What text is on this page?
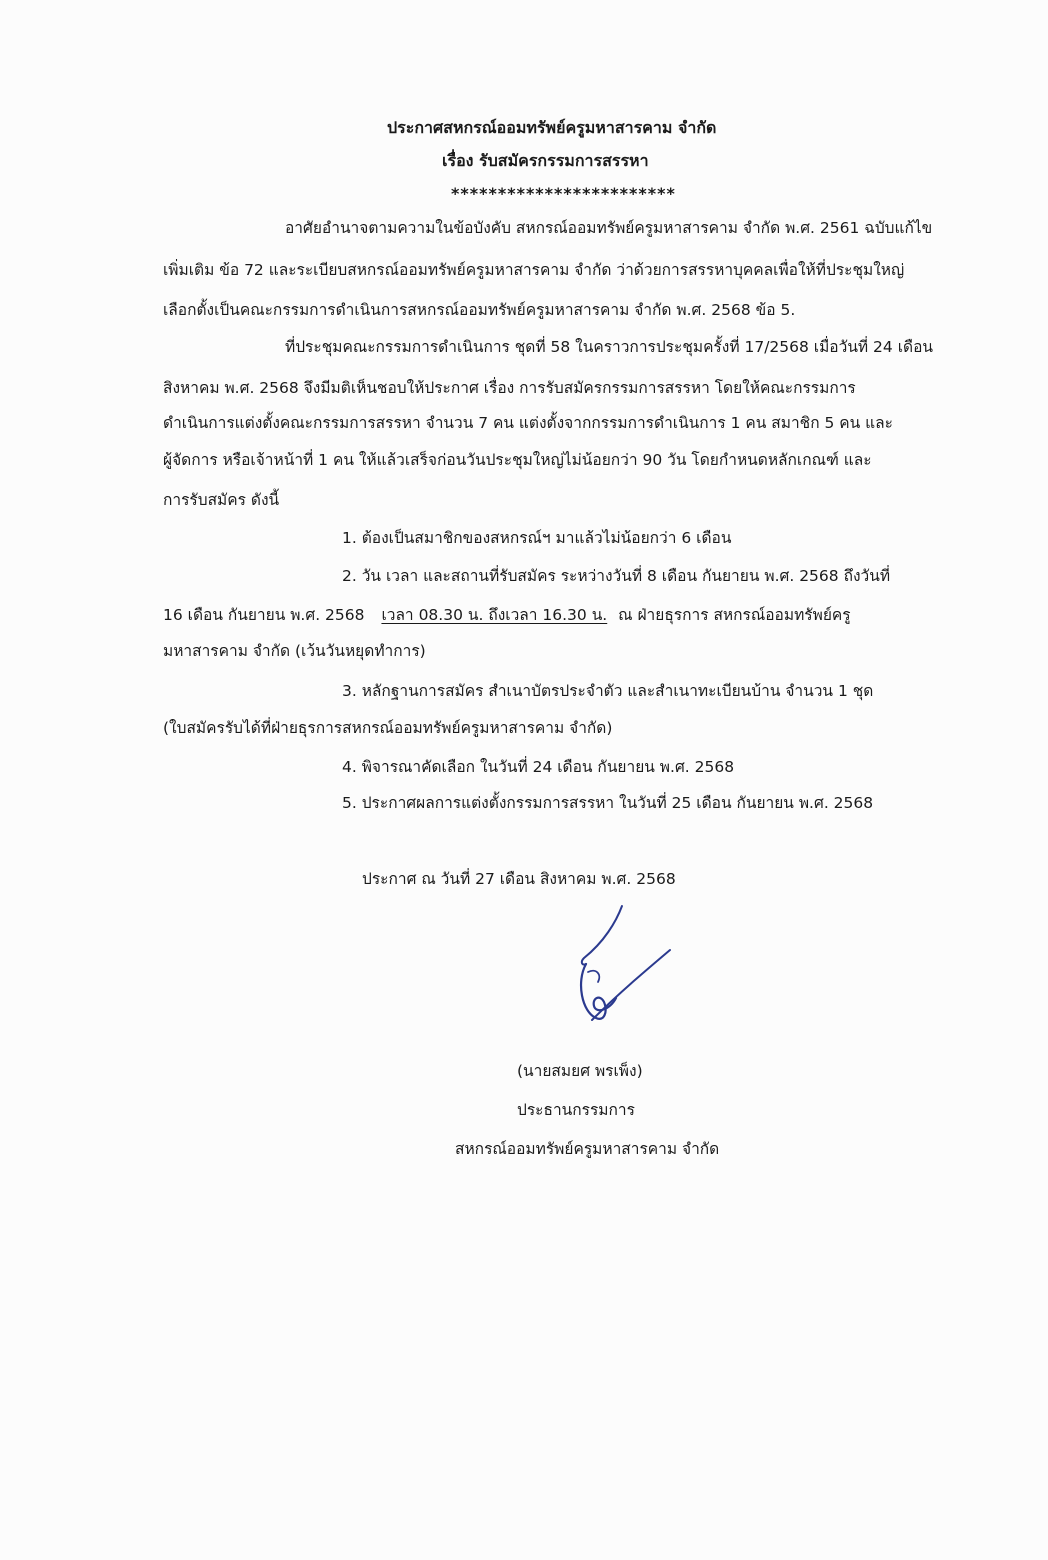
ประกาศสหกรณ์ออมทรัพย์ครูมหาสารคาม จำกัด
เรื่อง รับสมัครกรรมการสรรหา
************************
อาศัยอำนาจตามความในข้อบังคับ สหกรณ์ออมทรัพย์ครูมหาสารคาม จำกัด พ.ศ. 2561 ฉบับแก้ไข
เพิ่มเติม ข้อ 72 และระเบียบสหกรณ์ออมทรัพย์ครูมหาสารคาม จำกัด ว่าด้วยการสรรหาบุคคลเพื่อให้ที่ประชุมใหญ่
เลือกตั้งเป็นคณะกรรมการดำเนินการสหกรณ์ออมทรัพย์ครูมหาสารคาม จำกัด พ.ศ. 2568 ข้อ 5.
ที่ประชุมคณะกรรมการดำเนินการ ชุดที่ 58 ในคราวการประชุมครั้งที่ 17/2568 เมื่อวันที่ 24 เดือน
สิงหาคม พ.ศ. 2568 จึงมีมติเห็นชอบให้ประกาศ เรื่อง การรับสมัครกรรมการสรรหา โดยให้คณะกรรมการ
ดำเนินการแต่งตั้งคณะกรรมการสรรหา จำนวน 7 คน แต่งตั้งจากกรรมการดำเนินการ 1 คน สมาชิก 5 คน และ
ผู้จัดการ หรือเจ้าหน้าที่ 1 คน ให้แล้วเสร็จก่อนวันประชุมใหญ่ไม่น้อยกว่า 90 วัน โดยกำหนดหลักเกณฑ์ และ
การรับสมัคร ดังนี้
1. ต้องเป็นสมาชิกของสหกรณ์ฯ มาแล้วไม่น้อยกว่า 6 เดือน
2. วัน เวลา และสถานที่รับสมัคร ระหว่างวันที่ 8 เดือน กันยายน พ.ศ. 2568 ถึงวันที่
16 เดือน กันยายน พ.ศ. 2568 เวลา 08.30 น. ถึงเวลา 16.30 น. ณ ฝ่ายธุรการ สหกรณ์ออมทรัพย์ครู
มหาสารคาม จำกัด (เว้นวันหยุดทำการ)
3. หลักฐานการสมัคร สำเนาบัตรประจำตัว และสำเนาทะเบียนบ้าน จำนวน 1 ชุด
(ใบสมัครรับได้ที่ฝ่ายธุรการสหกรณ์ออมทรัพย์ครูมหาสารคาม จำกัด)
4. พิจารณาคัดเลือก ในวันที่ 24 เดือน กันยายน พ.ศ. 2568
5. ประกาศผลการแต่งตั้งกรรมการสรรหา ในวันที่ 25 เดือน กันยายน พ.ศ. 2568
ประกาศ ณ วันที่ 27 เดือน สิงหาคม พ.ศ. 2568
(นายสมยศ พรเพ็ง)
ประธานกรรมการ
สหกรณ์ออมทรัพย์ครูมหาสารคาม จำกัด
